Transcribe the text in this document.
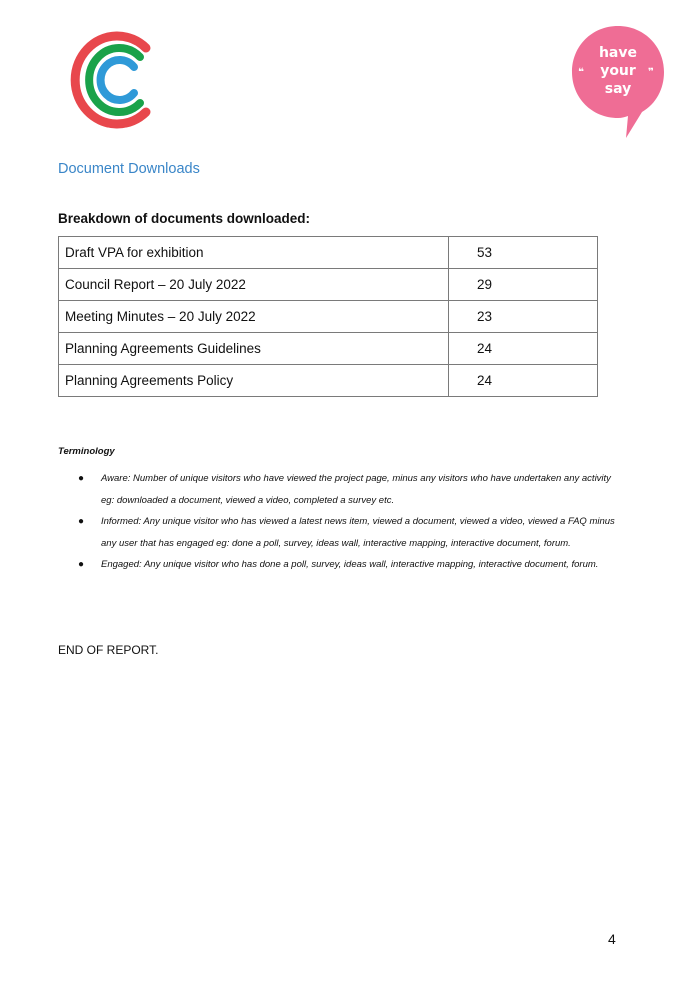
❝	❞
have
your
say
Document Downloads
Breakdown of documents downloaded:
Draft VPA for exhibition	53
Council Report – 20 July 2022	29
Meeting Minutes – 20 July 2022	23
Planning Agreements Guidelines	24
Planning Agreements Policy	24
Terminology
● Aware: Number of unique visitors who have viewed the project page, minus any visitors who have undertaken any activity eg: downloaded a document, viewed a video, completed a survey etc.
● Informed: Any unique visitor who has viewed a latest news item, viewed a document, viewed a video, viewed a FAQ minus any user that has engaged eg: done a poll, survey, ideas wall, interactive mapping, interactive document, forum.
● Engaged: Any unique visitor who has done a poll, survey, ideas wall, interactive mapping, interactive document, forum.

END OF REPORT.

4
